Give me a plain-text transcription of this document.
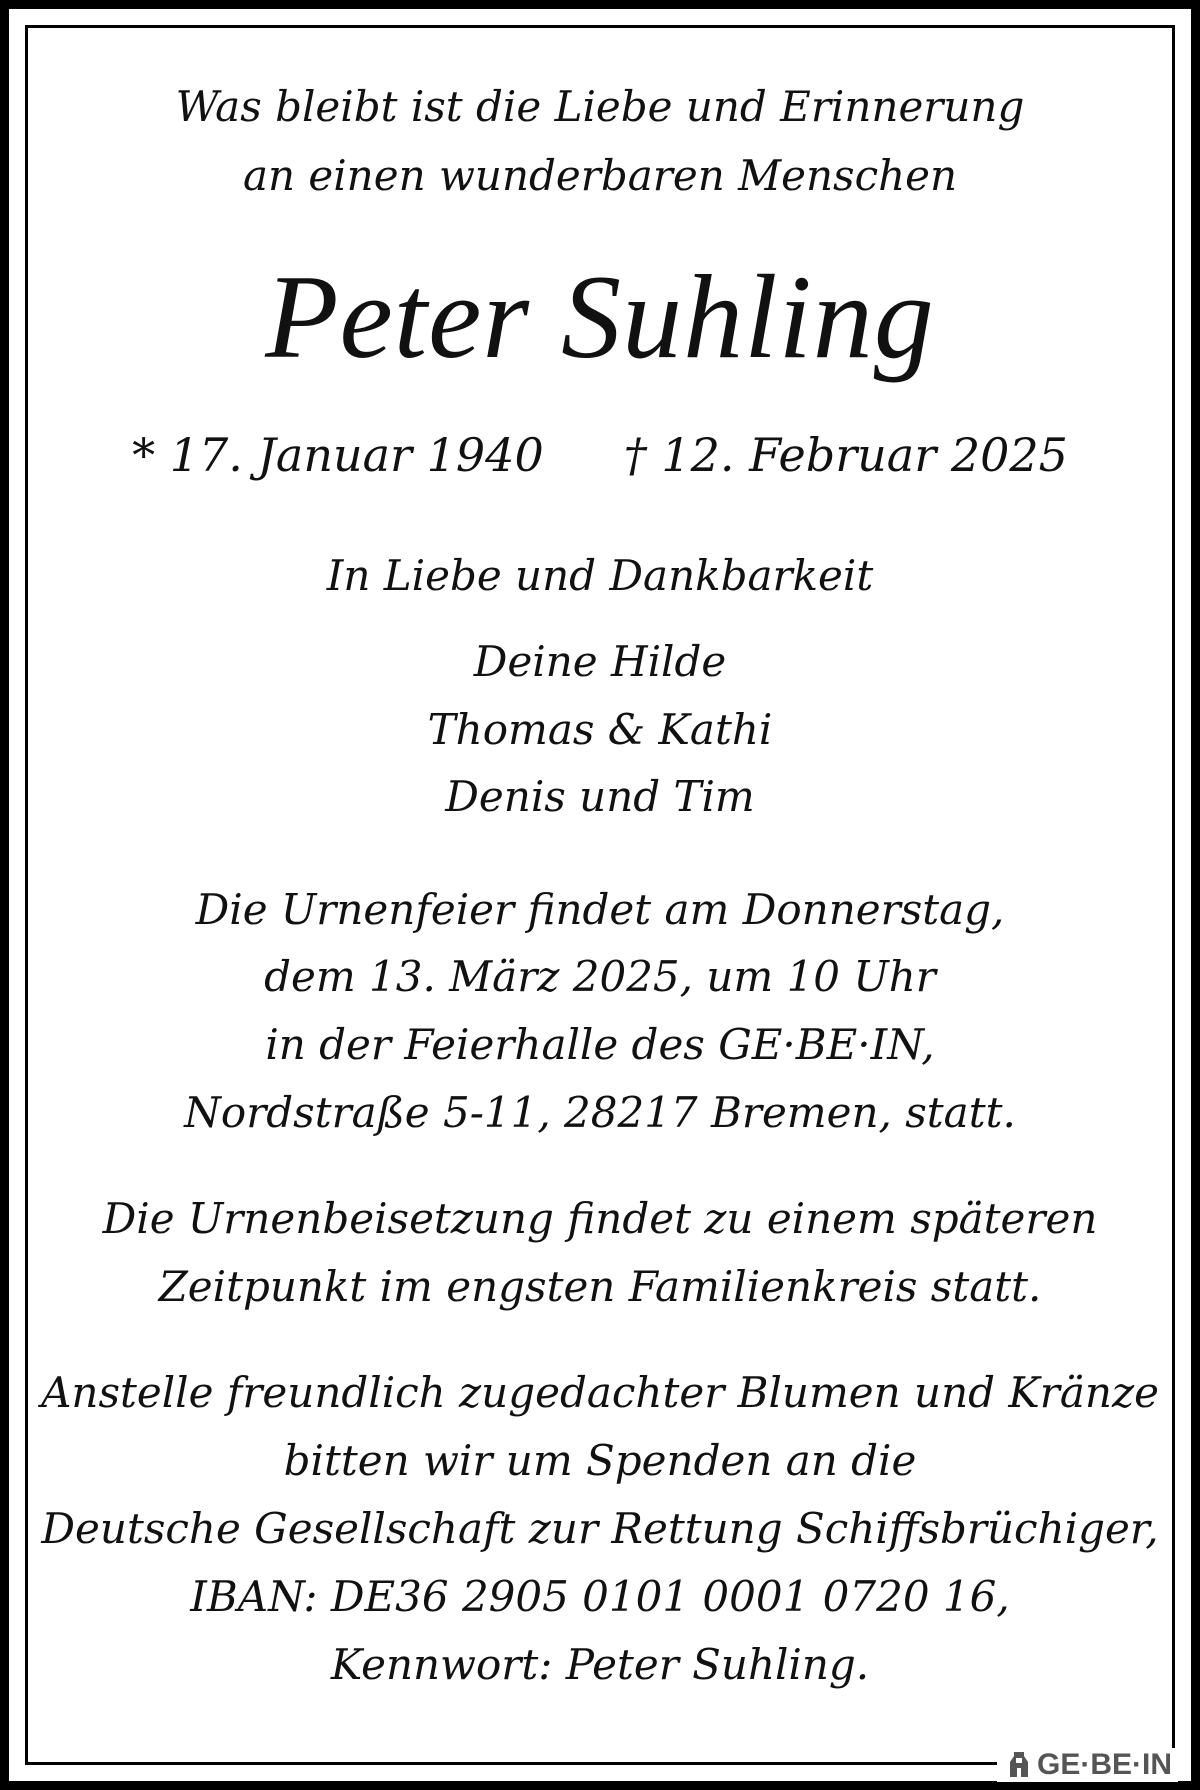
Was bleibt ist die Liebe und Erinnerung
an einen wunderbaren Menschen
Peter Suhling
* 17. Januar 1940 † 12. Februar 2025
In Liebe und Dankbarkeit
Deine Hilde
Thomas & Kathi
Denis und Tim
Die Urnenfeier findet am Donnerstag,
dem 13. März 2025, um 10 Uhr
in der Feierhalle des GE·BE·IN,
Nordstraße 5-11, 28217 Bremen, statt.
Die Urnenbeisetzung findet zu einem späteren
Zeitpunkt im engsten Familienkreis statt.
Anstelle freundlich zugedachter Blumen und Kränze
bitten wir um Spenden an die
Deutsche Gesellschaft zur Rettung Schiffsbrüchiger,
IBAN: DE36 2905 0101 0001 0720 16,
Kennwort: Peter Suhling.
GE·BE·IN
